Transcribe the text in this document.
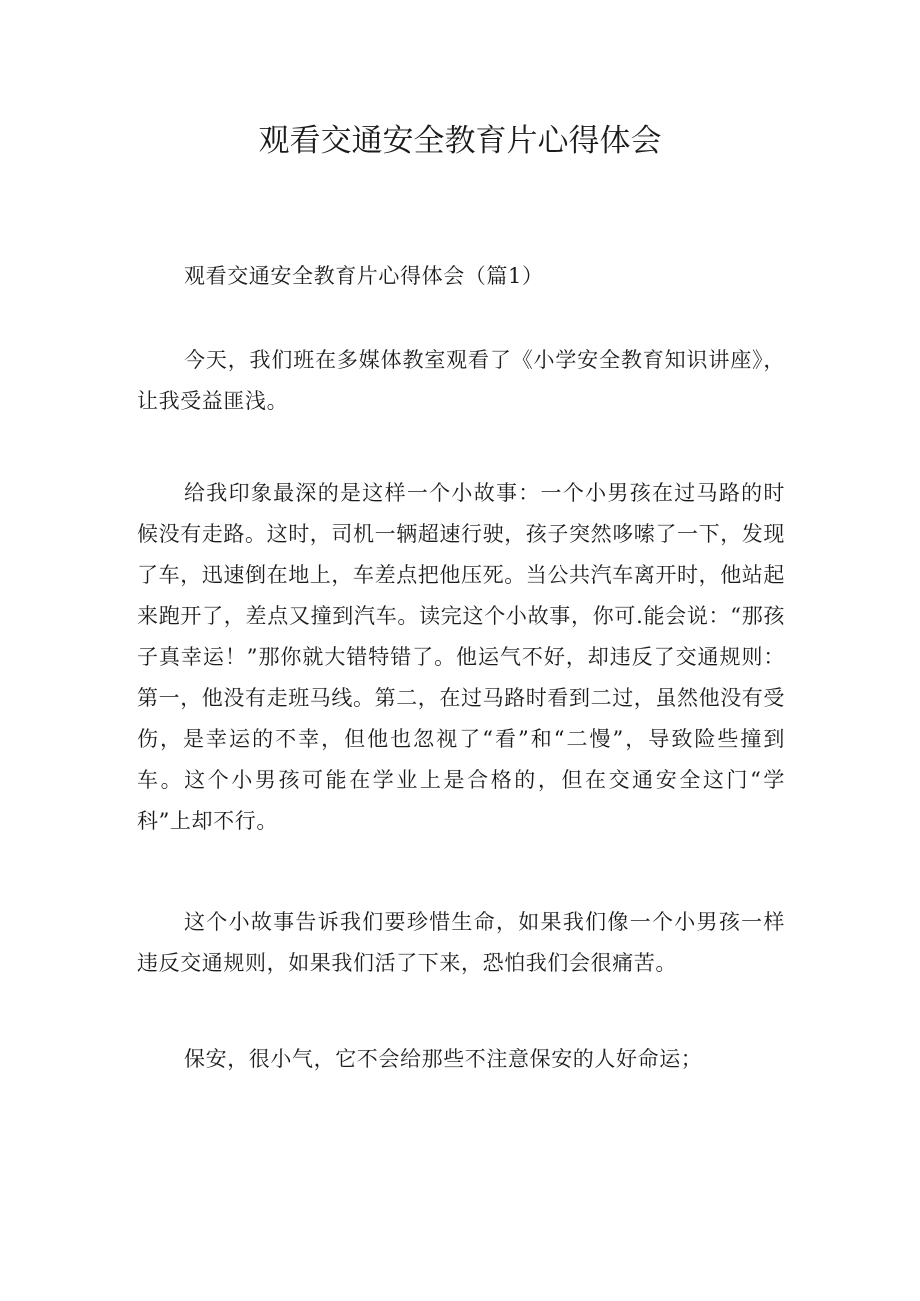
观看交通安全教育片心得体会

观看交通安全教育片心得体会（篇1）

今天，我们班在多媒体教室观看了《小学安全教育知识讲座》，让我受益匪浅。

给我印象最深的是这样一个小故事：一个小男孩在过马路的时候没有走路。这时，司机一辆超速行驶，孩子突然哆嗦了一下，发现了车，迅速倒在地上，车差点把他压死。当公共汽车离开时，他站起来跑开了，差点又撞到汽车。读完这个小故事，你可.能会说：“那孩子真幸运！”那你就大错特错了。他运气不好，却违反了交通规则：第一，他没有走班马线。第二，在过马路时看到二过，虽然他没有受伤，是幸运的不幸，但他也忽视了“看”和“二慢”，导致险些撞到车。这个小男孩可能在学业上是合格的，但在交通安全这门“学科”上却不行。

这个小故事告诉我们要珍惜生命，如果我们像一个小男孩一样违反交通规则，如果我们活了下来，恐怕我们会很痛苦。

保安，很小气，它不会给那些不注意保安的人好命运；
